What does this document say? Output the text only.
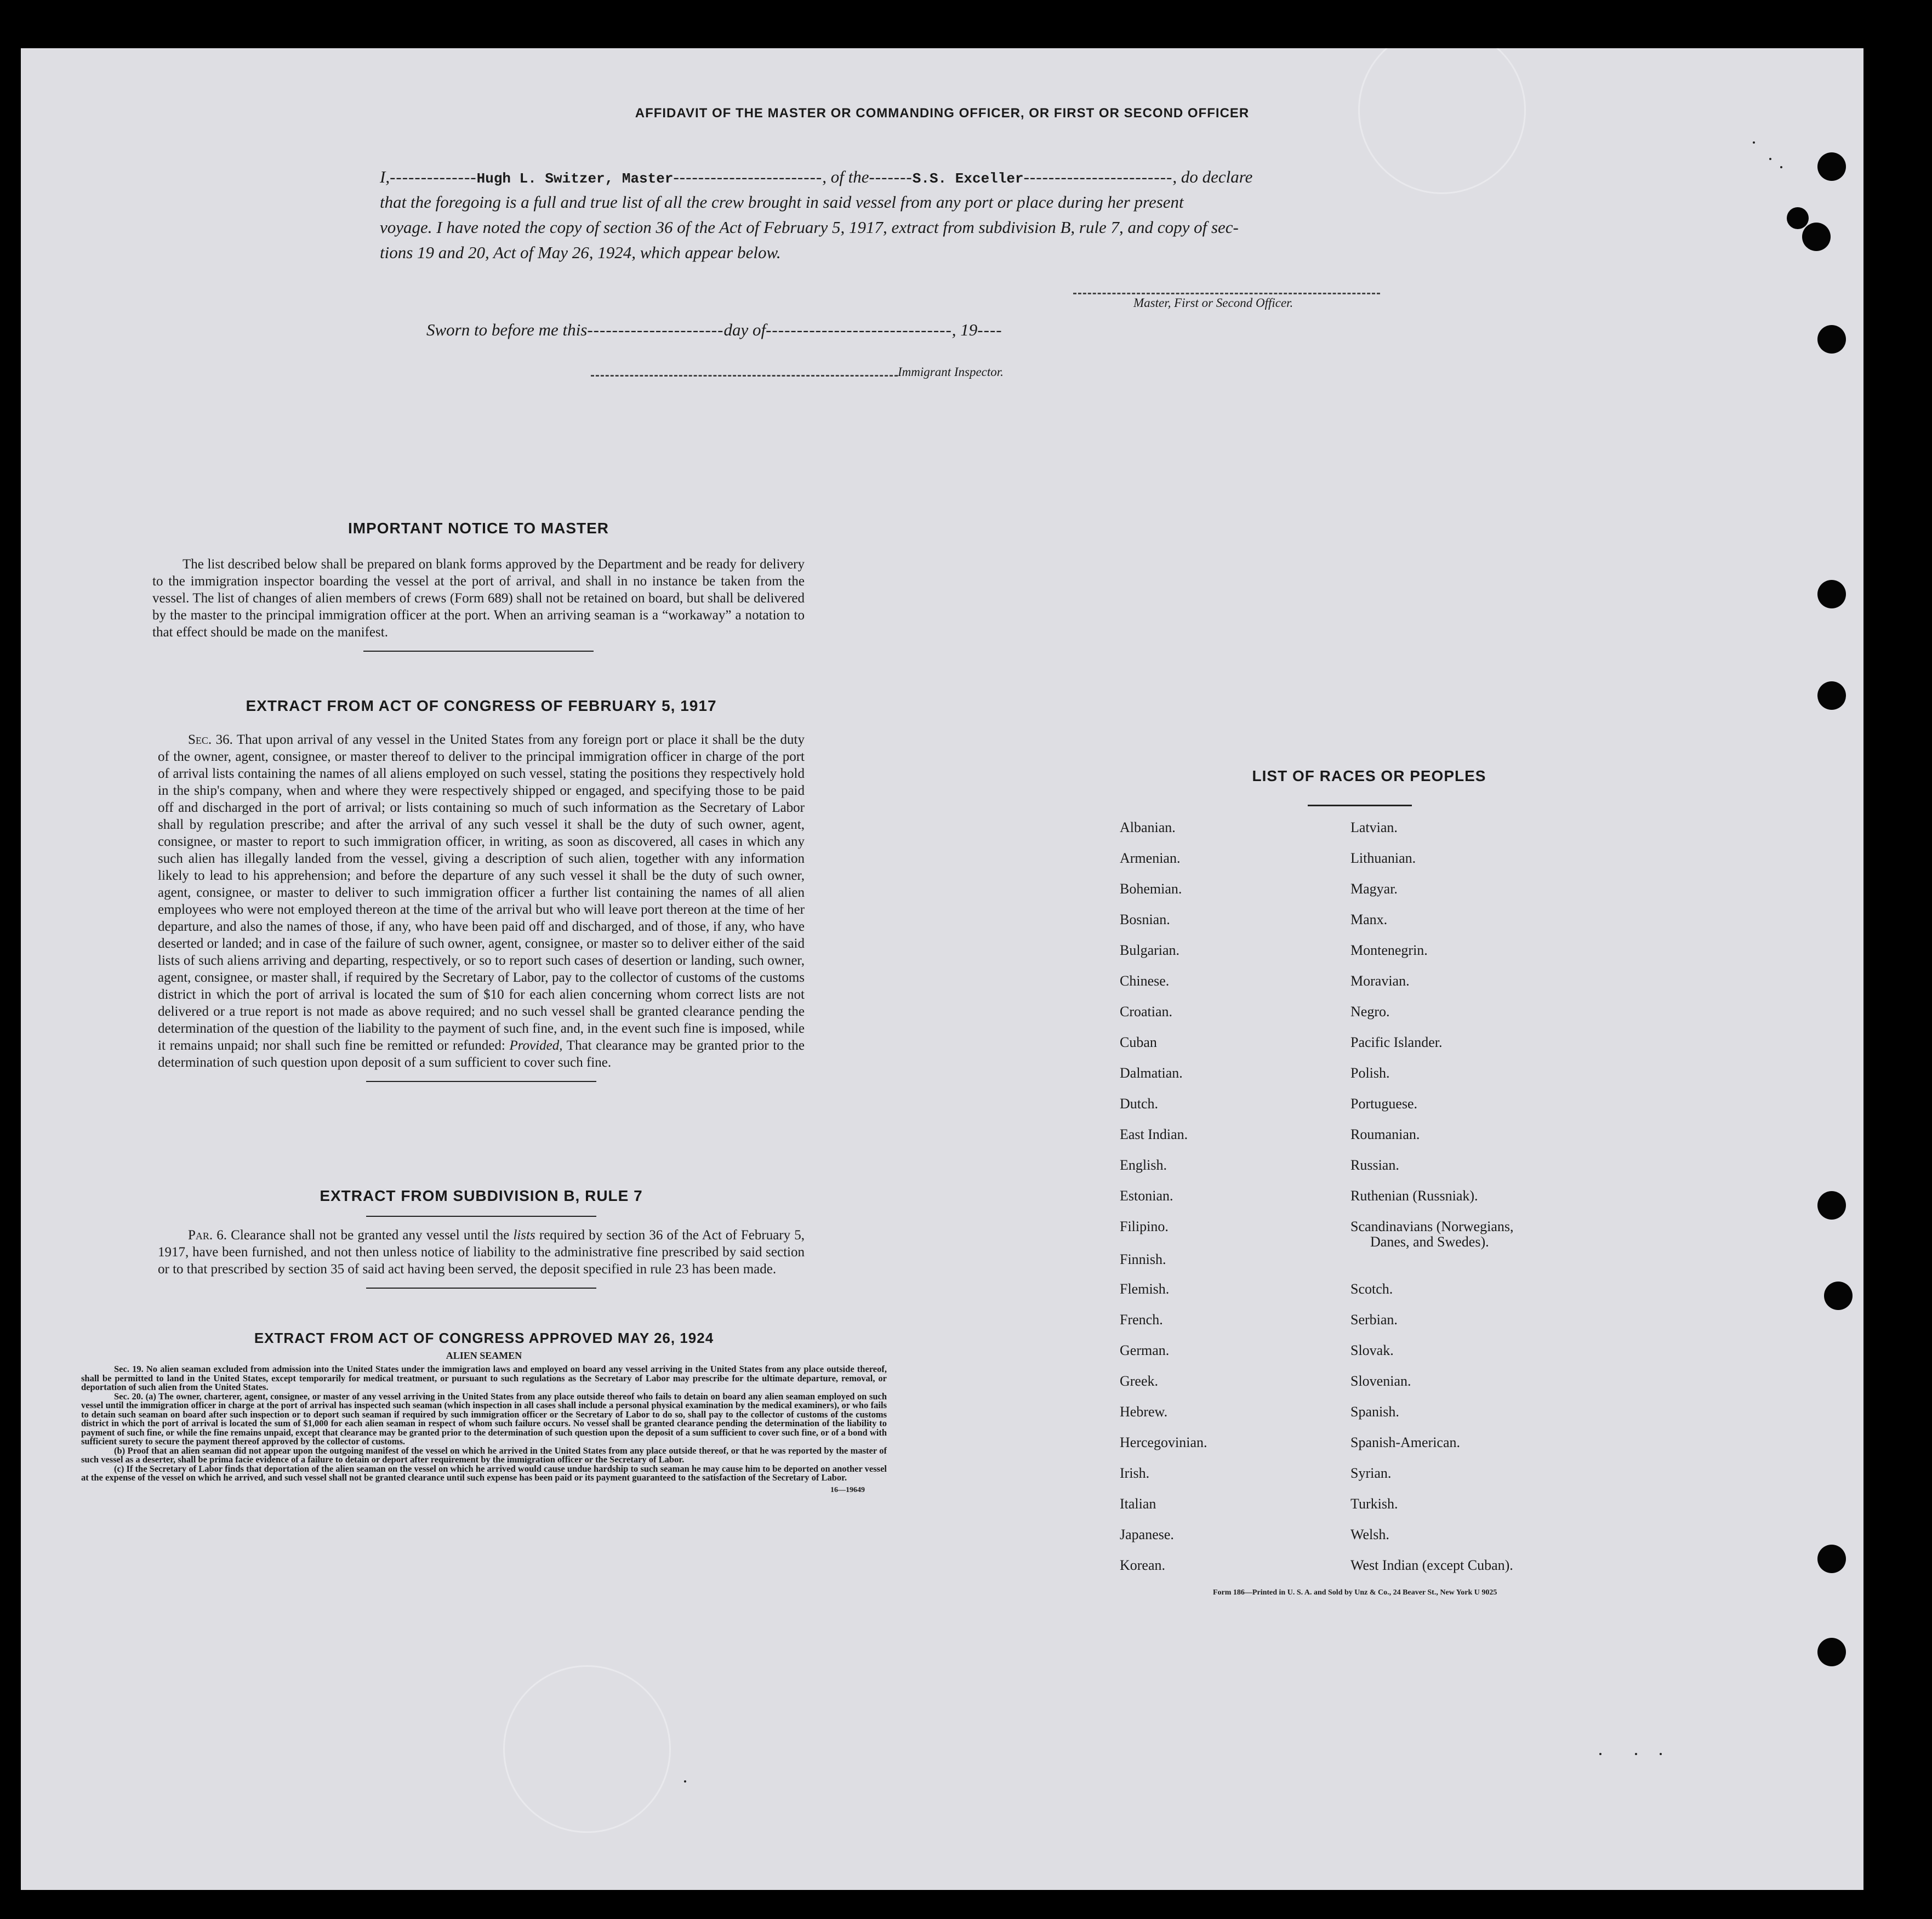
AFFIDAVIT OF THE MASTER OR COMMANDING OFFICER, OR FIRST OR SECOND OFFICER
I,--------------Hugh L. Switzer, Master------------------------, of the-------S.S. Exceller------------------------, do declare
that the foregoing is a full and true list of all the crew brought in said vessel from any port or place during her present
voyage. I have noted the copy of section 36 of the Act of February 5, 1917, extract from subdivision B, rule 7, and copy of sec-
tions 19 and 20, Act of May 26, 1924, which appear below.
Master, First or Second Officer.
Sworn to before me this----------------------day of------------------------------, 19----
Immigrant Inspector.
IMPORTANT NOTICE TO MASTER
The list described below shall be prepared on blank forms approved by the Department and be ready for delivery to the immigration inspector boarding the vessel at the port of arrival, and shall in no instance be taken from the vessel. The list of changes of alien members of crews (Form 689) shall not be retained on board, but shall be delivered by the master to the principal immigration officer at the port. When an arriving seaman is a “workaway” a notation to that effect should be made on the manifest.
EXTRACT FROM ACT OF CONGRESS OF FEBRUARY 5, 1917
Sec. 36. That upon arrival of any vessel in the United States from any foreign port or place it shall be the duty of the owner, agent, consignee, or master thereof to deliver to the principal immigration officer in charge of the port of arrival lists containing the names of all aliens employed on such vessel, stating the positions they respectively hold in the ship's company, when and where they were respectively shipped or engaged, and specifying those to be paid off and discharged in the port of arrival; or lists containing so much of such information as the Secretary of Labor shall by regulation prescribe; and after the arrival of any such vessel it shall be the duty of such owner, agent, consignee, or master to report to such immigration officer, in writing, as soon as discovered, all cases in which any such alien has illegally landed from the vessel, giving a description of such alien, together with any information likely to lead to his apprehension; and before the departure of any such vessel it shall be the duty of such owner, agent, consignee, or master to deliver to such immigration officer a further list containing the names of all alien employees who were not employed thereon at the time of the arrival but who will leave port thereon at the time of her departure, and also the names of those, if any, who have been paid off and discharged, and of those, if any, who have deserted or landed; and in case of the failure of such owner, agent, consignee, or master so to deliver either of the said lists of such aliens arriving and departing, respectively, or so to report such cases of desertion or landing, such owner, agent, consignee, or master shall, if required by the Secretary of Labor, pay to the collector of customs of the customs district in which the port of arrival is located the sum of $10 for each alien concerning whom correct lists are not delivered or a true report is not made as above required; and no such vessel shall be granted clearance pending the determination of the question of the liability to the payment of such fine, and, in the event such fine is imposed, while it remains unpaid; nor shall such fine be remitted or refunded: Provided, That clearance may be granted prior to the determination of such question upon deposit of a sum sufficient to cover such fine.
EXTRACT FROM SUBDIVISION B, RULE 7
Par. 6. Clearance shall not be granted any vessel until the lists required by section 36 of the Act of February 5, 1917, have been furnished, and not then unless notice of liability to the administrative fine prescribed by said section or to that prescribed by section 35 of said act having been served, the deposit specified in rule 23 has been made.
EXTRACT FROM ACT OF CONGRESS APPROVED MAY 26, 1924
ALIEN SEAMEN
Sec. 19. No alien seaman excluded from admission into the United States under the immigration laws and employed on board any vessel arriving in the United States from any place outside thereof, shall be permitted to land in the United States, except temporarily for medical treatment, or pursuant to such regulations as the Secretary of Labor may prescribe for the ultimate departure, removal, or deportation of such alien from the United States.
Sec. 20. (a) The owner, charterer, agent, consignee, or master of any vessel arriving in the United States from any place outside thereof who fails to detain on board any alien seaman employed on such vessel until the immigration officer in charge at the port of arrival has inspected such seaman (which inspection in all cases shall include a personal physical examination by the medical examiners), or who fails to detain such seaman on board after such inspection or to deport such seaman if required by such immigration officer or the Secretary of Labor to do so, shall pay to the collector of customs of the customs district in which the port of arrival is located the sum of $1,000 for each alien seaman in respect of whom such failure occurs. No vessel shall be granted clearance pending the determination of the liability to payment of such fine, or while the fine remains unpaid, except that clearance may be granted prior to the determination of such question upon the deposit of a sum sufficient to cover such fine, or of a bond with sufficient surety to secure the payment thereof approved by the collector of customs.
(b) Proof that an alien seaman did not appear upon the outgoing manifest of the vessel on which he arrived in the United States from any place outside thereof, or that he was reported by the master of such vessel as a deserter, shall be prima facie evidence of a failure to detain or deport after requirement by the immigration officer or the Secretary of Labor.
(c) If the Secretary of Labor finds that deportation of the alien seaman on the vessel on which he arrived would cause undue hardship to such seaman he may cause him to be deported on another vessel at the expense of the vessel on which he arrived, and such vessel shall not be granted clearance until such expense has been paid or its payment guaranteed to the satisfaction of the Secretary of Labor.
16—19649
LIST OF RACES OR PEOPLES
Albanian.
Armenian.
Bohemian.
Bosnian.
Bulgarian.
Chinese.
Croatian.
Cuban
Dalmatian.
Dutch.
East Indian.
English.
Estonian.
Filipino.
Finnish.
Flemish.
French.
German.
Greek.
Hebrew.
Hercegovinian.
Irish.
Italian
Japanese.
Korean.
Latvian.
Lithuanian.
Magyar.
Manx.
Montenegrin.
Moravian.
Negro.
Pacific Islander.
Polish.
Portuguese.
Roumanian.
Russian.
Ruthenian (Russniak).
Scandinavians (Norwegians,
Danes, and Swedes).
Scotch.
Serbian.
Slovak.
Slovenian.
Spanish.
Spanish-American.
Syrian.
Turkish.
Welsh.
West Indian (except Cuban).
Form 186—Printed in U. S. A. and Sold by Unz & Co., 24 Beaver St., New York U 9025
